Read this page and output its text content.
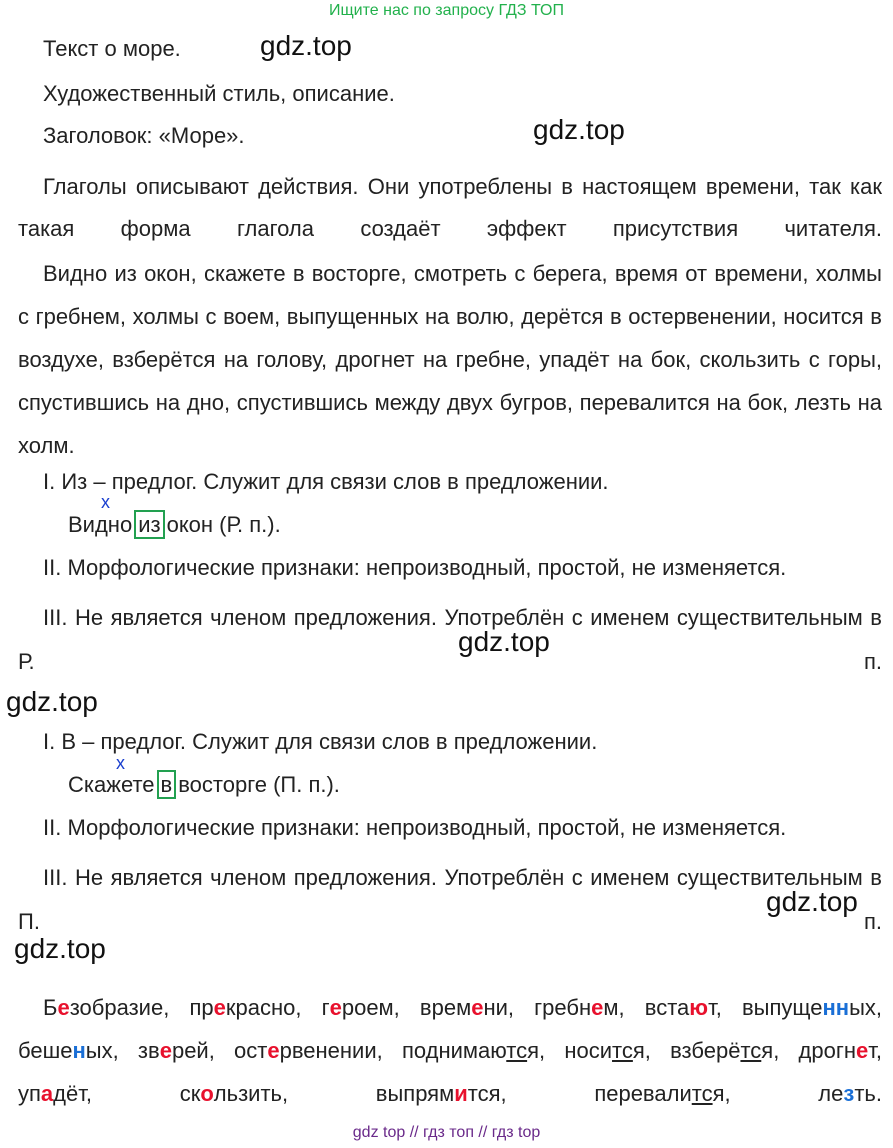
Ищите нас по запросу ГДЗ ТОП
Текст о море.	gdz.top
Художественный стиль, описание.
Заголовок: «Море».	gdz.top
Глаголы описывают действия. Они употреблены в настоящем времени, так как такая форма глагола создаёт эффект присутствия читателя.
Видно из окон, скажете в восторге, смотреть с берега, время от времени, холмы с гребнем, холмы с воем, выпущенных на волю, дерётся в остервенении, носится в воздухе, взберётся на голову, дрогнет на гребне, упадёт на бок, скользить с горы, спустившись на дно, спустившись между двух бугров, перевалится на бок, лезть на холм.
I. Из – предлог. Служит для связи слов в предложении.
x
Видно из окон (Р. п.).
II. Морфологические признаки: непроизводный, простой, не изменяется.
III. Не является членом предложения. Употреблён с именем существительным в Р. п.
gdz.top
gdz.top
I. В – предлог. Служит для связи слов в предложении.
x
Скажете в восторге (П. п.).
II. Морфологические признаки: непроизводный, простой, не изменяется.
III. Не является членом предложения. Употреблён с именем существительным в П. п.
gdz.top
gdz.top
Безобразие, прекрасно, героем, времени, гребнем, встают, выпущенных, бешеных, зверей, остервенении, поднимаются, носится, взберётся, дрогнет, упадёт,	скользить,	выпрямится,	перевалится,	лезть.
gdz top // гдз топ // гдз top
